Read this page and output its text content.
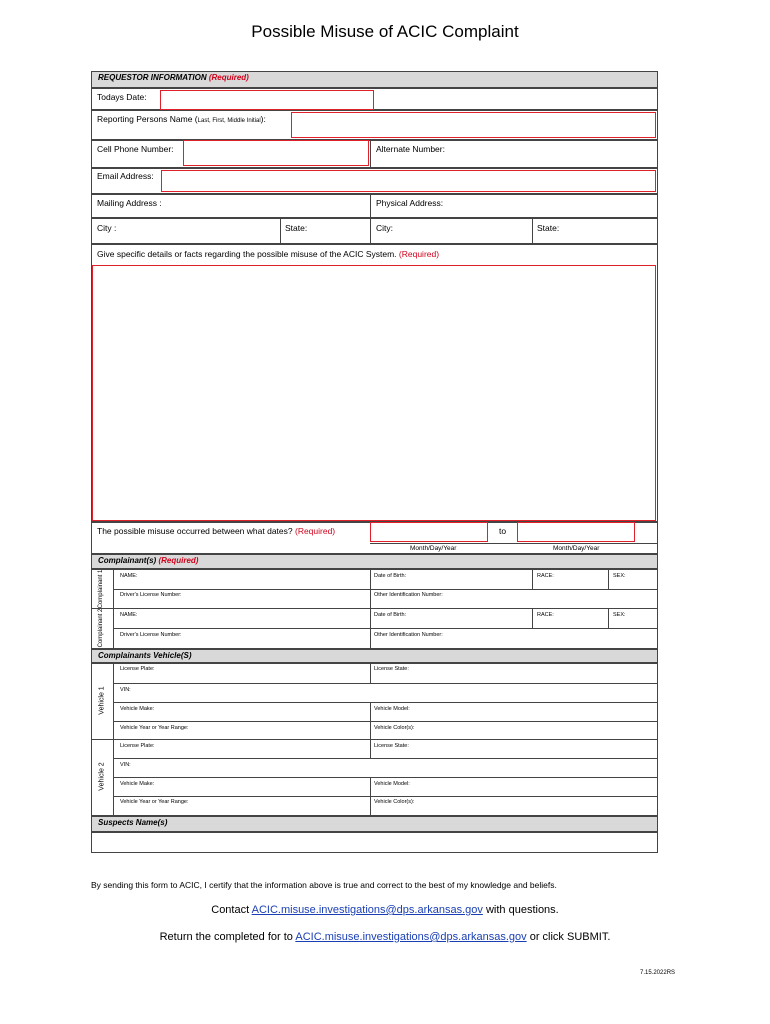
Possible Misuse of ACIC Complaint
REQUESTOR INFORMATION (Required)
Todays Date:
Reporting Persons Name (Last, First, Middle Initial):
Cell Phone Number:	Alternate Number:
Email Address:
Mailing Address :	Physical Address:
City :	State:	City:	State:
Give specific details or facts regarding the possible misuse of the ACIC System. (Required)
The possible misuse occurred between what dates? (Required)	to
Month/Day/Year	Month/Day/Year
Complainant(s) (Required)
Complainant 1
Complainant 2
NAME:	Date of Birth:	RACE:	SEX:
Driver's License Number:	Other Identification Number:
NAME:	Date of Birth:	RACE:	SEX:
Driver's License Number:	Other Identification Number:
Complainants Vehicle(S)
Vehicle 1
Vehicle 2
License Plate:	License State:
VIN:
Vehicle Make:	Vehicle Model:
Vehicle Year or Year Range:	Vehicle Color(s):
License Plate:	License State:
VIN:
Vehicle Make:	Vehicle Model:
Vehicle Year or Year Range:	Vehicle Color(s):
Suspects Name(s)
By sending this form to ACIC, I certify that the information above is true and correct to the best of my knowledge and beliefs.
Contact ACIC.misuse.investigations@dps.arkansas.gov with questions.
Return the completed for to ACIC.misuse.investigations@dps.arkansas.gov or click SUBMIT.
7.15.2022RS
